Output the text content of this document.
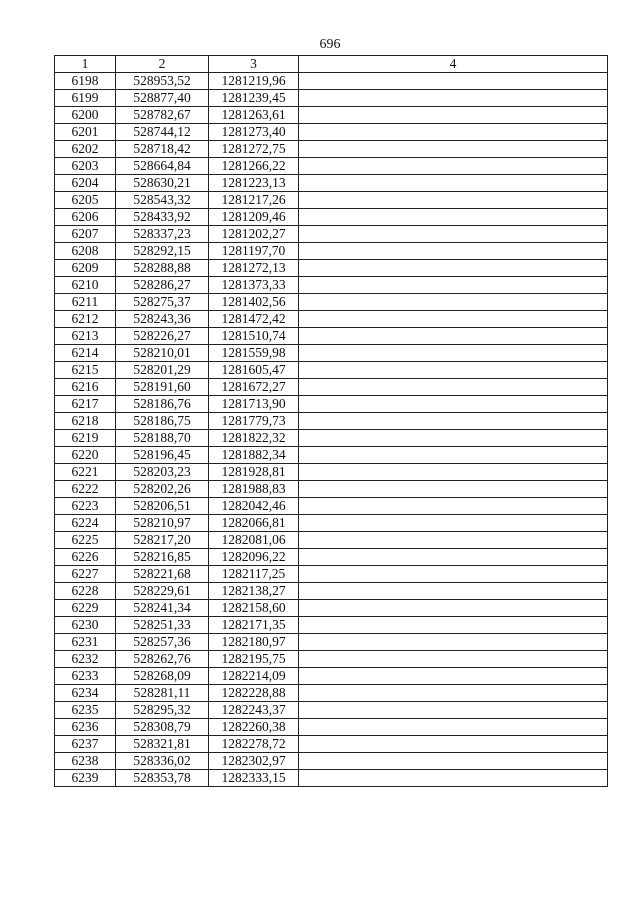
696
1	2	3	4
6198	528953,52	1281219,96	
6199	528877,40	1281239,45	
6200	528782,67	1281263,61	
6201	528744,12	1281273,40	
6202	528718,42	1281272,75	
6203	528664,84	1281266,22	
6204	528630,21	1281223,13	
6205	528543,32	1281217,26	
6206	528433,92	1281209,46	
6207	528337,23	1281202,27	
6208	528292,15	1281197,70	
6209	528288,88	1281272,13	
6210	528286,27	1281373,33	
6211	528275,37	1281402,56	
6212	528243,36	1281472,42	
6213	528226,27	1281510,74	
6214	528210,01	1281559,98	
6215	528201,29	1281605,47	
6216	528191,60	1281672,27	
6217	528186,76	1281713,90	
6218	528186,75	1281779,73	
6219	528188,70	1281822,32	
6220	528196,45	1281882,34	
6221	528203,23	1281928,81	
6222	528202,26	1281988,83	
6223	528206,51	1282042,46	
6224	528210,97	1282066,81	
6225	528217,20	1282081,06	
6226	528216,85	1282096,22	
6227	528221,68	1282117,25	
6228	528229,61	1282138,27	
6229	528241,34	1282158,60	
6230	528251,33	1282171,35	
6231	528257,36	1282180,97	
6232	528262,76	1282195,75	
6233	528268,09	1282214,09	
6234	528281,11	1282228,88	
6235	528295,32	1282243,37	
6236	528308,79	1282260,38	
6237	528321,81	1282278,72	
6238	528336,02	1282302,97	
6239	528353,78	1282333,15	
